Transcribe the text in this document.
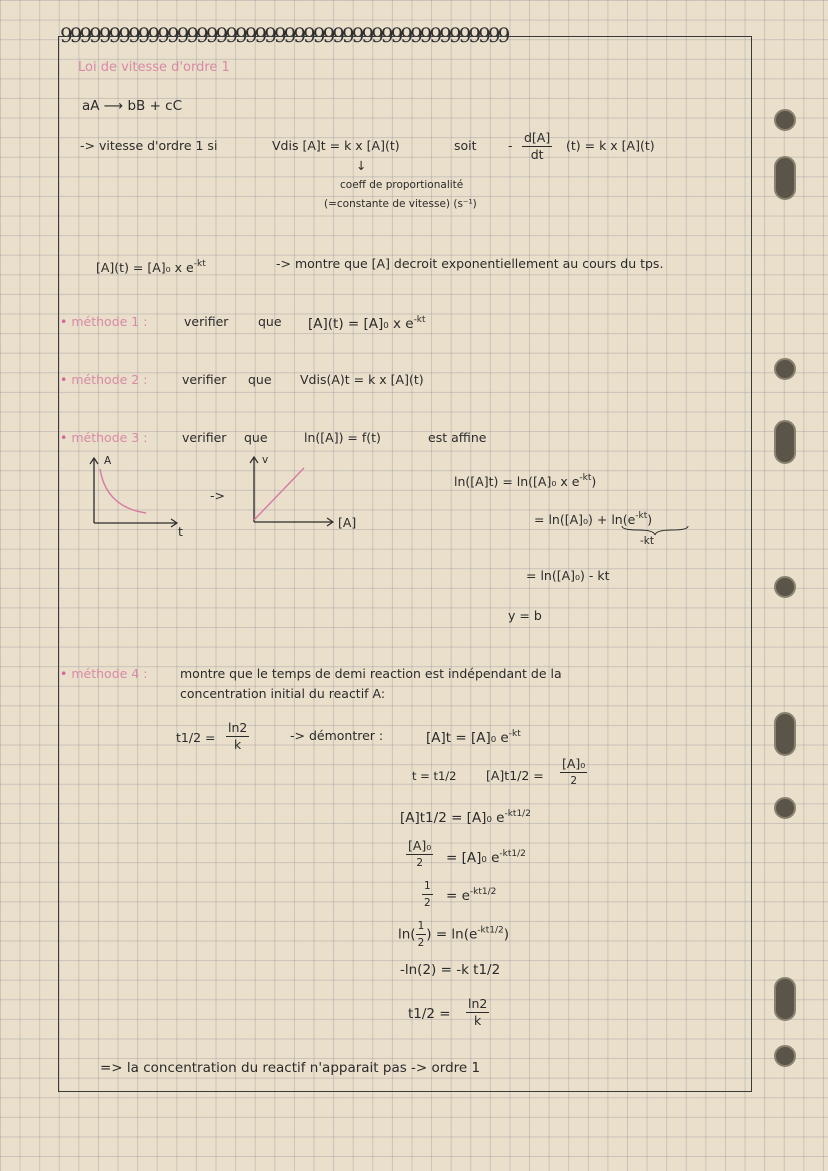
9999999999999999999999999999999999999999999999
Loi de vitesse d'ordre 1
aA ⟶ bB + cC
-> vitesse d'ordre 1 si	Vdis [A]t = k x [A](t)	soit	- $\frac{d[A]}{dt} (t) = k$ x [A](t)
↓
coeff de proportionalité
(=constante de vitesse) (s⁻¹)
[A](t) = [A]₀ x $e^{-kt}$	-> montre que [A] decroit exponentiellement au cours du tps.
• méthode 1 :	verifier que [A](t) = [A]₀ x $e^{-kt}$
• méthode 2 :	verifier que Vdis(A)t = k x [A](t)
• méthode 3 :	verifier que	ln([A]) = f(t)	est affine
A
t
->
v
[A]
ln([A]t) = ln([A]₀ x $e^{-kt}$)
= $\ln([A]_0) + \ln(e^{-kt})$
-kt
= ln([A]₀) - kt
y = b
• méthode 4 :	montre que le temps de demi reaction est indépendant de la
concentration initial du reactif A:
$t1/2 = \frac{\ln 2}{k}$	-> démontrer :	[A]t = [A]₀ $e^{-kt}$
t = t1/2 $[A]t1/2 = \frac{\text{[A]₀}}{2}$
[A]t1/2 = [A]₀ $e^{-kt1/2}$
$\frac{\text{[A]₀}}{2} = [A]_0$ $e^{-kt1/2}$
$\frac{1}{2} = e^{-kt1/2}$
$\ln( \frac{1}{2}$ ) = $\ln(e^{-kt1/2})$
-ln(2) = -k t1/2
$t1/2 = \frac{\ln 2}{k}$
=> la concentration du reactif n'apparait pas -> ordre 1
